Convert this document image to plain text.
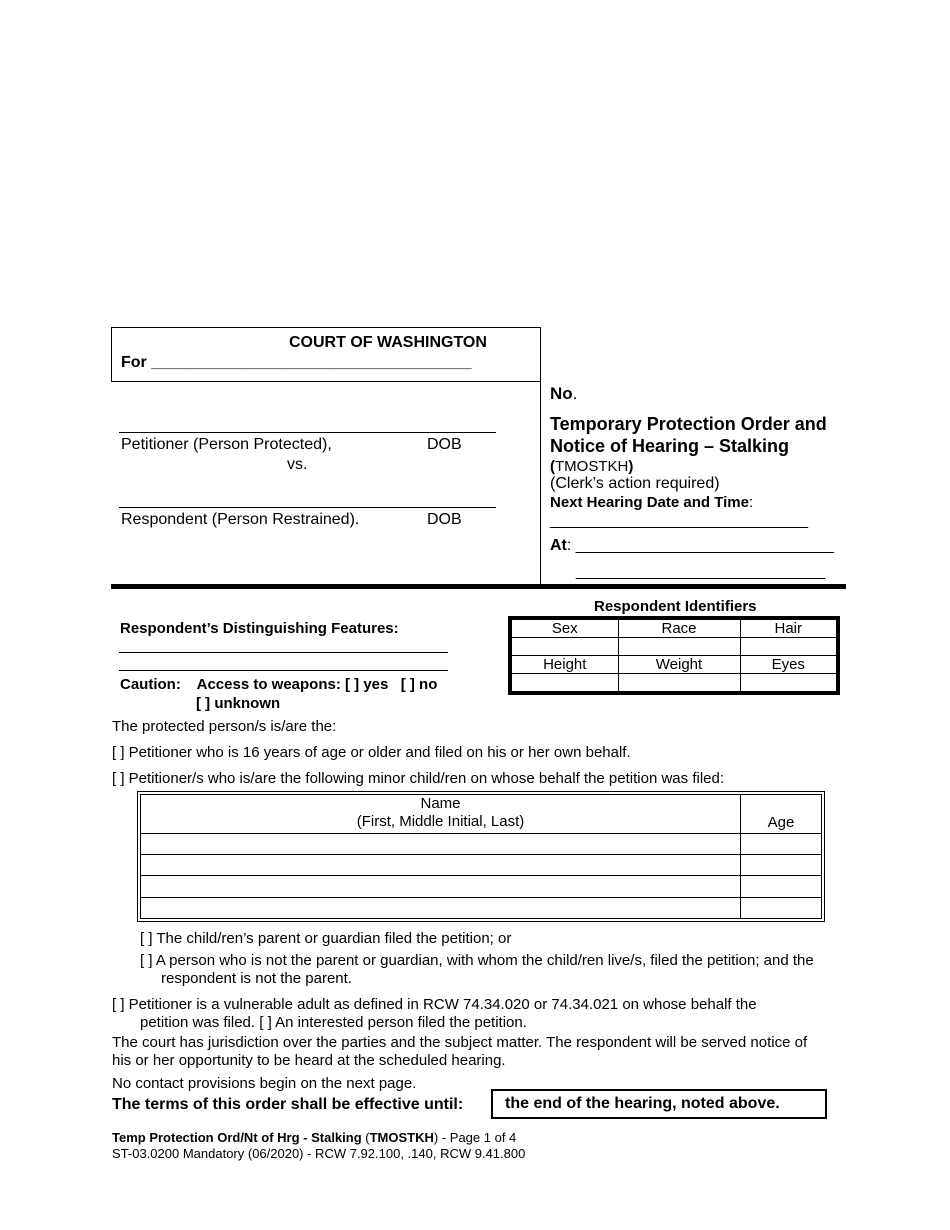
COURT OF WASHINGTON
For ____________________________________
Petitioner (Person Protected),	DOB
vs.
Respondent (Person Restrained).	DOB
No.
Temporary Protection Order and
Notice of Hearing – Stalking
(TMOSTKH)
(Clerk’s action required)
Next Hearing Date and Time:
_____________________________
At: _____________________________
____________________________
Respondent’s Distinguishing Features:
Caution: Access to weapons: [ ] yes [ ] no
[ ] unknown
Respondent Identifiers
Sex	Race	Hair

Height	Weight	Eyes

The protected person/s is/are the:
[ ] Petitioner who is 16 years of age or older and filed on his or her own behalf.
[ ] Petitioner/s who is/are the following minor child/ren on whose behalf the petition was filed:
Name
(First, Middle Initial, Last)	Age

[ ] The child/ren’s parent or guardian filed the petition; or
[ ] A person who is not the parent or guardian, with whom the child/ren live/s, filed the petition; and the
respondent is not the parent.
[ ] Petitioner is a vulnerable adult as defined in RCW 74.34.020 or 74.34.021 on whose behalf the
petition was filed. [ ] An interested person filed the petition.
The court has jurisdiction over the parties and the subject matter. The respondent will be served notice of
his or her opportunity to be heard at the scheduled hearing.
No contact provisions begin on the next page.
The terms of this order shall be effective until:	the end of the hearing, noted above.
Temp Protection Ord/Nt of Hrg - Stalking (TMOSTKH) - Page 1 of 4
ST-03.0200 Mandatory (06/2020) - RCW 7.92.100, .140, RCW 9.41.800
